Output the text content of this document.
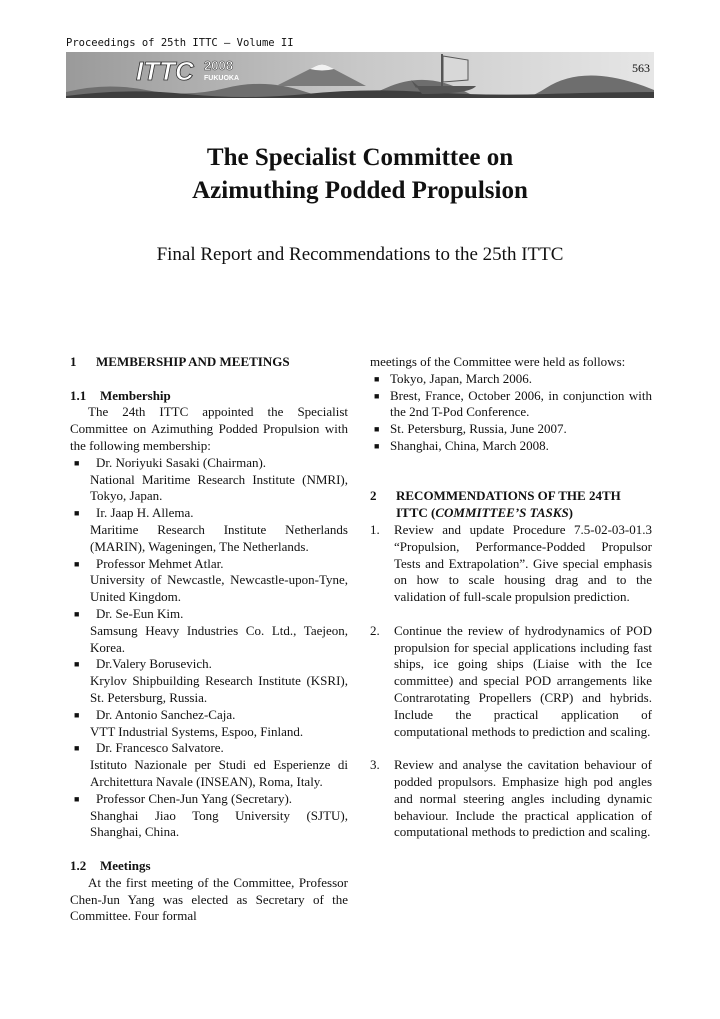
Proceedings of 25th ITTC – Volume II
ITTC 2008
FUKUOKA
563
The Specialist Committee on
Azimuthing Podded Propulsion
Final Report and Recommendations to the 25th ITTC
1	MEMBERSHIP AND MEETINGS

1.1 Membership

The 24th ITTC appointed the Specialist Committee on Azimuthing Podded Propulsion with the following membership:

■	Dr. Noriyuki Sasaki (Chairman).
National Maritime Research Institute (NMRI), Tokyo, Japan.
■	Ir. Jaap H. Allema.
Maritime Research Institute Netherlands (MARIN), Wageningen, The Netherlands.
■	Professor Mehmet Atlar.
University of Newcastle, Newcastle-upon-Tyne, United Kingdom.
■	Dr. Se-Eun Kim.
Samsung Heavy Industries Co. Ltd., Taejeon, Korea.
■	Dr.Valery Borusevich.
Krylov Shipbuilding Research Institute (KSRI), St. Petersburg, Russia.
■	Dr. Antonio Sanchez-Caja.
VTT Industrial Systems, Espoo, Finland.
■	Dr. Francesco Salvatore.
Istituto Nazionale per Studi ed Esperienze di Architettura Navale (INSEAN), Roma, Italy.
■	Professor Chen-Jun Yang (Secretary).
Shanghai Jiao Tong University (SJTU), Shanghai, China.

1.2 Meetings

At the first meeting of the Committee, Professor Chen-Jun Yang was elected as Secretary of the Committee. Four formal

meetings of the Committee were held as follows:

■ Tokyo, Japan, March 2006.
■ Brest, France, October 2006, in conjunction with the 2nd T-Pod Conference.
■ St. Petersburg, Russia, June 2007.
■ Shanghai, China, March 2008.
2	RECOMMENDATIONS OF THE 24TH ITTC (COMMITTEE’S TASKS)
1.	Review and update Procedure 7.5-02-03-01.3 “Propulsion, Performance-Podded Propulsor Tests and Extrapolation”. Give special emphasis on how to scale housing drag and to the validation of full-scale propulsion prediction.
2.	Continue the review of hydrodynamics of POD propulsion for special applications including fast ships, ice going ships (Liaise with the Ice committee) and special POD arrangements like Contrarotating Propellers (CRP) and hybrids. Include the practical application of computational methods to prediction and scaling.
3.	Review and analyse the cavitation behaviour of podded propulsors. Emphasize high pod angles and normal steering angles including dynamic behaviour. Include the practical application of computational methods to prediction and scaling.
